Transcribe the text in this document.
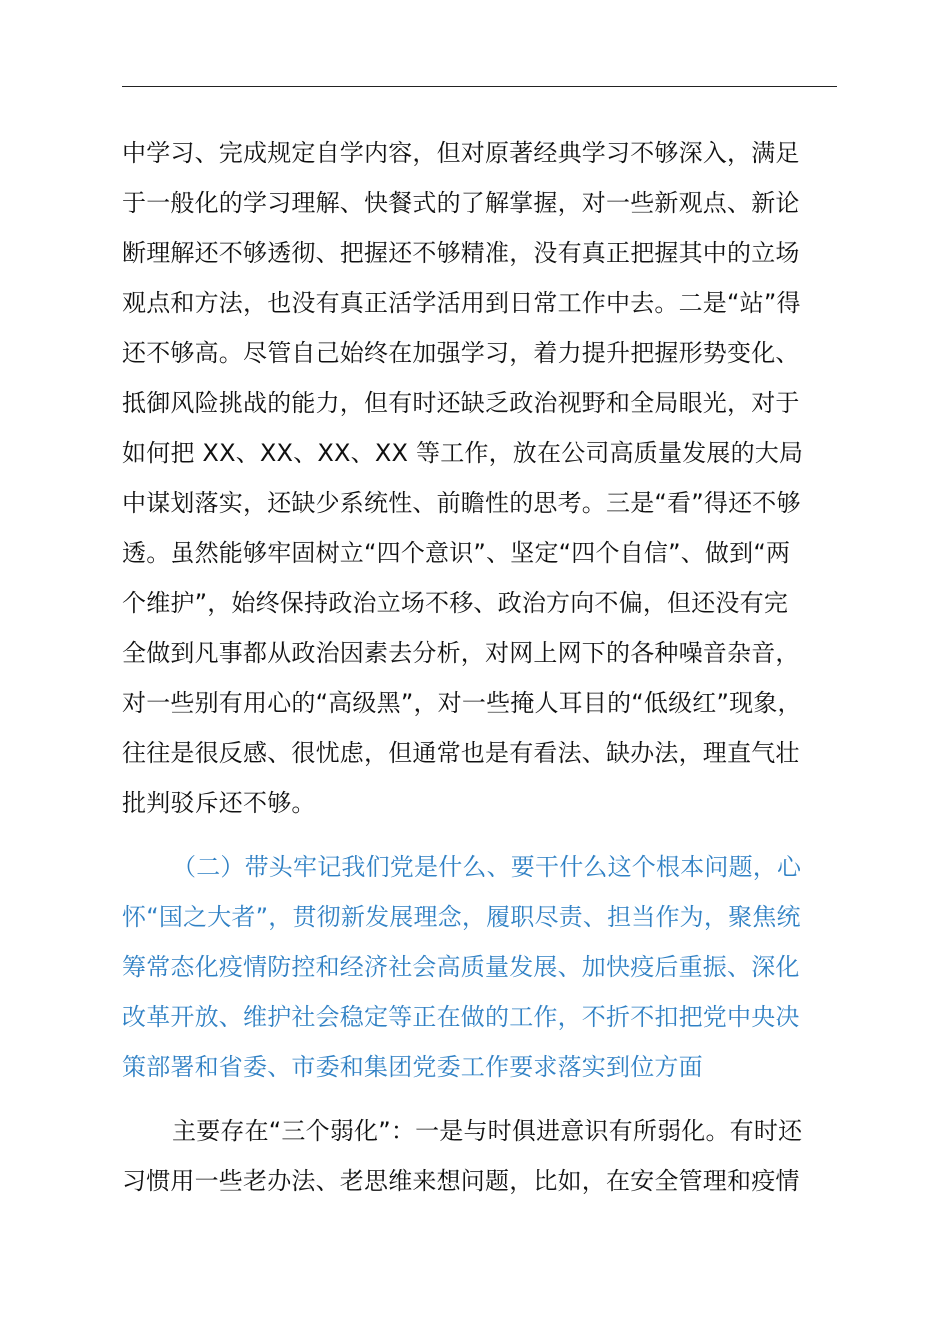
中学习、完成规定自学内容，但对原著经典学习不够深入，满足
于一般化的学习理解、快餐式的了解掌握，对一些新观点、新论
断理解还不够透彻、把握还不够精准，没有真正把握其中的立场
观点和方法，也没有真正活学活用到日常工作中去。二是“站”得
还不够高。尽管自己始终在加强学习，着力提升把握形势变化、
抵御风险挑战的能力，但有时还缺乏政治视野和全局眼光，对于
如何把 XX、XX、XX、XX 等工作，放在公司高质量发展的大局
中谋划落实，还缺少系统性、前瞻性的思考。三是“看”得还不够
透。虽然能够牢固树立“四个意识”、坚定“四个自信”、做到“两
个维护”，始终保持政治立场不移、政治方向不偏，但还没有完
全做到凡事都从政治因素去分析，对网上网下的各种噪音杂音，
对一些别有用心的“高级黑”，对一些掩人耳目的“低级红”现象，
往往是很反感、很忧虑，但通常也是有看法、缺办法，理直气壮
批判驳斥还不够。
（二）带头牢记我们党是什么、要干什么这个根本问题，心
怀“国之大者”，贯彻新发展理念，履职尽责、担当作为，聚焦统
筹常态化疫情防控和经济社会高质量发展、加快疫后重振、深化
改革开放、维护社会稳定等正在做的工作，不折不扣把党中央决
策部署和省委、市委和集团党委工作要求落实到位方面
主要存在“三个弱化”：一是与时俱进意识有所弱化。有时还
习惯用一些老办法、老思维来想问题，比如，在安全管理和疫情
